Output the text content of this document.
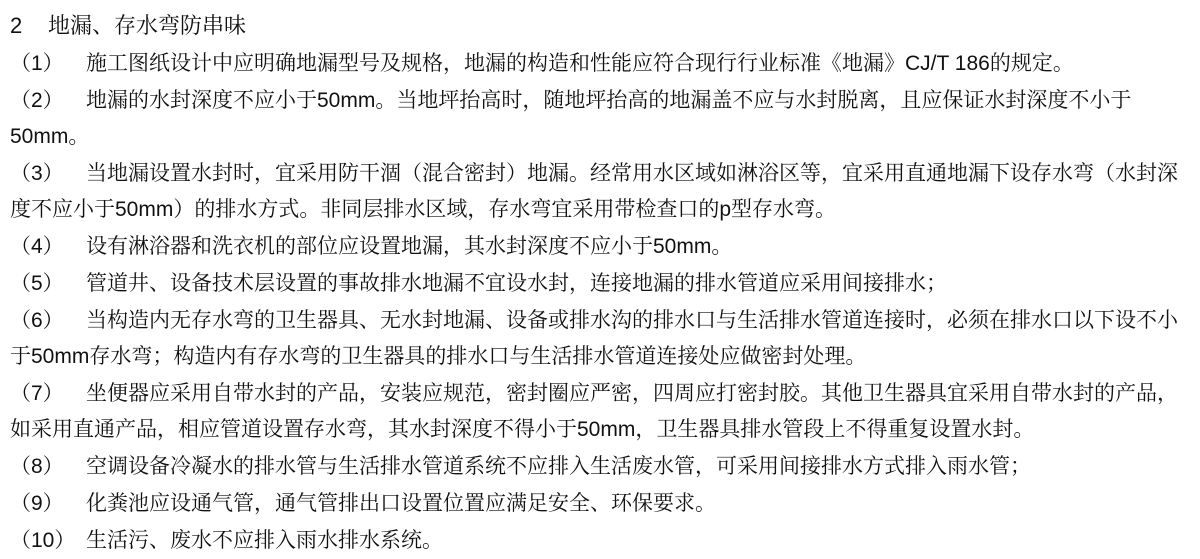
2 地漏、存水弯防串味

（1） 施工图纸设计中应明确地漏型号及规格，地漏的构造和性能应符合现行行业标准《地漏》CJ/T 186的规定。

（2） 地漏的水封深度不应小于50mm。当地坪抬高时，随地坪抬高的地漏盖不应与水封脱离，且应保证水封深度不小于50mm。

（3） 当地漏设置水封时，宜采用防干涸（混合密封）地漏。经常用水区域如淋浴区等，宜采用直通地漏下设存水弯（水封深度不应小于50mm）的排水方式。非同层排水区域，存水弯宜采用带检查口的p型存水弯。

（4） 设有淋浴器和洗衣机的部位应设置地漏，其水封深度不应小于50mm。

（5） 管道井、设备技术层设置的事故排水地漏不宜设水封，连接地漏的排水管道应采用间接排水；

（6） 当构造内无存水弯的卫生器具、无水封地漏、设备或排水沟的排水口与生活排水管道连接时，必须在排水口以下设不小于50mm存水弯；构造内有存水弯的卫生器具的排水口与生活排水管道连接处应做密封处理。

（7） 坐便器应采用自带水封的产品，安装应规范，密封圈应严密，四周应打密封胶。其他卫生器具宜采用自带水封的产品，如采用直通产品，相应管道设置存水弯，其水封深度不得小于50mm，卫生器具排水管段上不得重复设置水封。

（8） 空调设备冷凝水的排水管与生活排水管道系统不应排入生活废水管，可采用间接排水方式排入雨水管；

（9） 化粪池应设通气管，通气管排出口设置位置应满足安全、环保要求。

（10） 生活污、废水不应排入雨水排水系统。
